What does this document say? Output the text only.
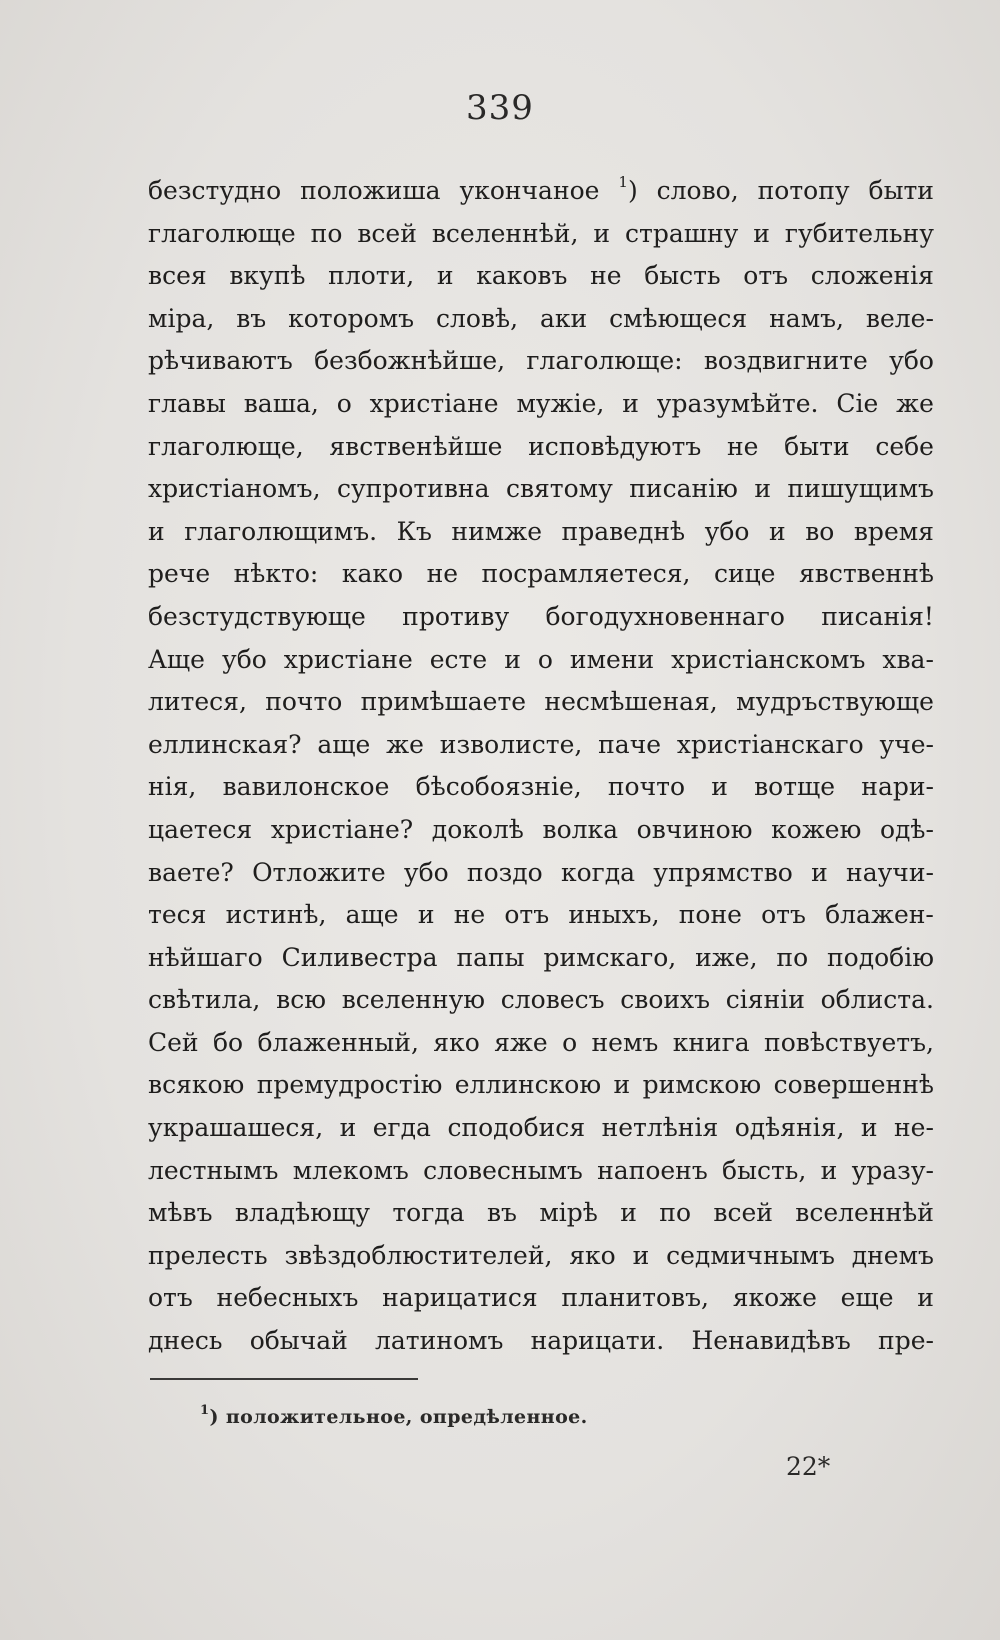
339
безстудно положиша укончаное $^1$) слово, потопу быти
глаголюще по всей вселеннѣй, и страшну и губительну
всея вкупѣ плоти, и каковъ не бысть отъ сложенія
міра, въ которомъ словѣ, аки смѣющеся намъ, веле-
рѣчиваютъ безбожнѣйше, глаголюще: воздвигните убо
главы ваша, о христіане мужіе, и уразумѣйте. Сіе же
глаголюще, явственѣйше исповѣдуютъ не быти себе
христіаномъ, супротивна святому писанію и пишущимъ
и глаголющимъ. Къ нимже праведнѣ убо и во время
рече нѣкто: како не посрамляетеся, сице явственнѣ
безстудствующе противу богодухновеннаго писанія!
Аще убо христіане есте и о имени христіанскомъ хва-
литеся, почто примѣшаете несмѣшеная, мудръствующе
еллинская? аще же изволисте, паче христіанскаго уче-
нія, вавилонское бѣсобоязніе, почто и вотще нари-
цаетеся христіане? доколѣ волка овчиною кожею одѣ-
ваете? Отложите убо поздо когда упрямство и научи-
теся истинѣ, аще и не отъ иныхъ, поне отъ блажен-
нѣйшаго Силивестра папы римскаго, иже, по подобію
свѣтила, всю вселенную словесъ своихъ сіяніи облиста.
Сей бо блаженный, яко яже о немъ книга повѣствуетъ,
всякою премудростію еллинскою и римскою совершеннѣ
украшашеся, и егда сподобися нетлѣнія одѣянія, и не-
лестнымъ млекомъ словеснымъ напоенъ бысть, и уразу-
мѣвъ владѣющу тогда въ мірѣ и по всей вселеннѣй
прелесть звѣздоблюстителей, яко и седмичнымъ днемъ
отъ небесныхъ нарицатися планитовъ, якоже еще и
днесь обычай латиномъ нарицати. Ненавидѣвъ пре-
$^1$) положительное, опредѣленное.
22*
